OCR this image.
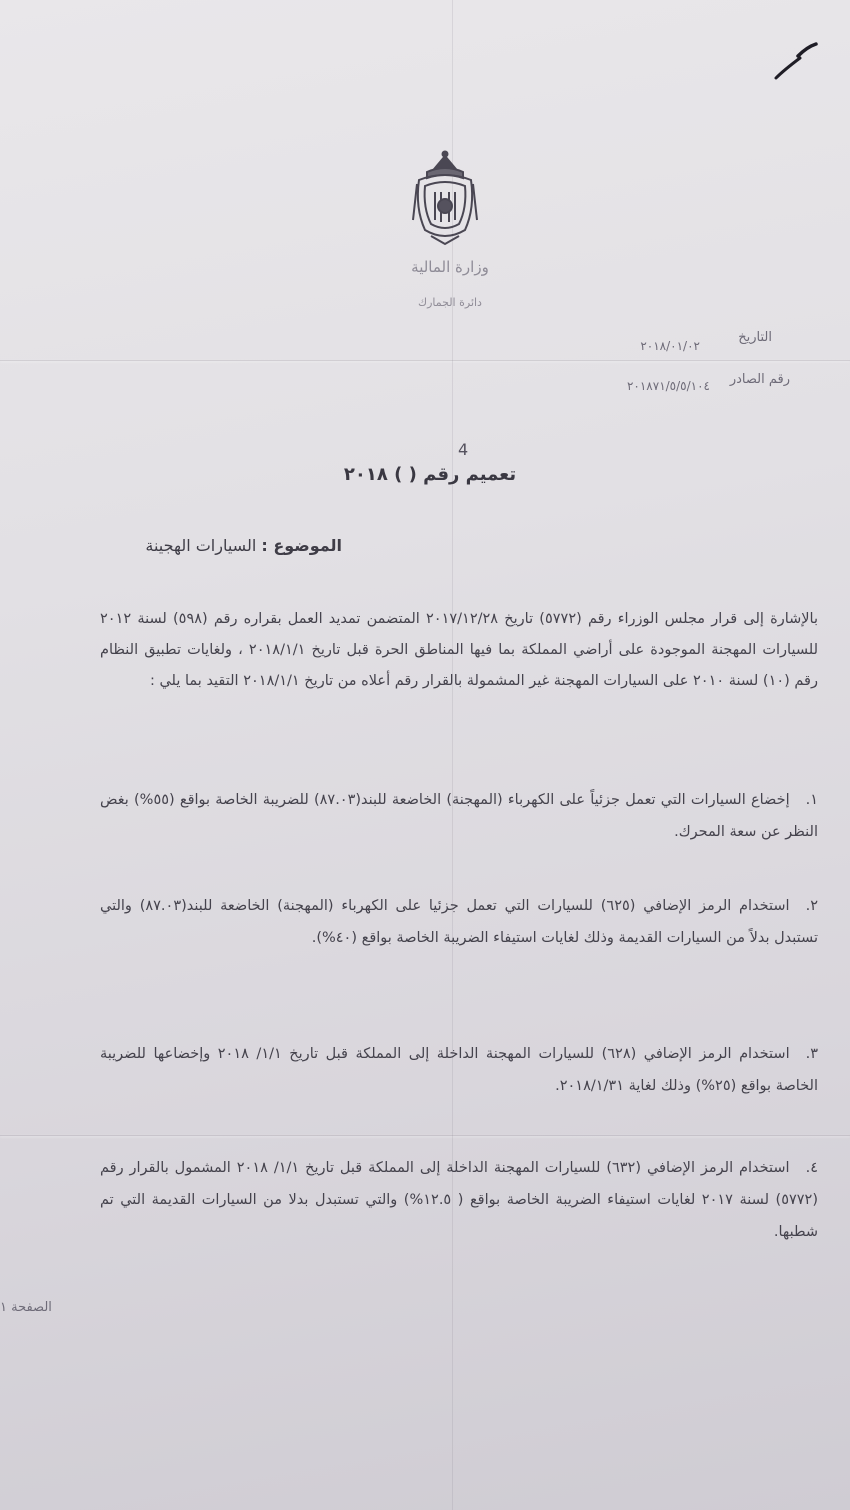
وزارة المالية
دائرة الجمارك
التاريخ
٢٠١٨/٠١/٠٢
رقم الصادر
٢٠١٨٧١/٥/٥/١٠٤
4
تعميم رقم ( ) ٢٠١٨
الموضوع : السيارات الهجينة
بالإشارة إلى قرار مجلس الوزراء رقم (٥٧٧٢) تاريخ ٢٠١٧/١٢/٢٨ المتضمن تمديد العمل بقراره رقم (٥٩٨) لسنة ٢٠١٢ للسيارات المهجنة الموجودة على أراضي المملكة بما فيها المناطق الحرة قبل تاريخ ٢٠١٨/١/١ ، ولغايات تطبيق النظام رقم (١٠) لسنة ٢٠١٠ على السيارات المهجنة غير المشمولة بالقرار رقم أعلاه من تاريخ ٢٠١٨/١/١ التقيد بما يلي :
١.إخضاع السيارات التي تعمل جزئياً على الكهرباء (المهجنة) الخاضعة للبند(٨٧.٠٣) للضريبة الخاصة بواقع (٥٥%) بغض النظر عن سعة المحرك.
٢.استخدام الرمز الإضافي (٦٢٥) للسيارات التي تعمل جزئيا على الكهرباء (المهجنة) الخاضعة للبند(٨٧.٠٣) والتي تستبدل بدلاً من السيارات القديمة وذلك لغايات استيفاء الضريبة الخاصة بواقع (٤٠%).
٣.استخدام الرمز الإضافي (٦٢٨) للسيارات المهجنة الداخلة إلى المملكة قبل تاريخ ١/١/ ٢٠١٨ وإخضاعها للضريبة الخاصة بواقع (٢٥%) وذلك لغاية ٢٠١٨/١/٣١.
٤.استخدام الرمز الإضافي (٦٣٢) للسيارات المهجنة الداخلة إلى المملكة قبل تاريخ ١/١/ ٢٠١٨ المشمول بالقرار رقم (٥٧٧٢) لسنة ٢٠١٧ لغايات استيفاء الضريبة الخاصة بواقع ( ١٢.٥%) والتي تستبدل بدلا من السيارات القديمة التي تم شطبها.
الصفحة ١
